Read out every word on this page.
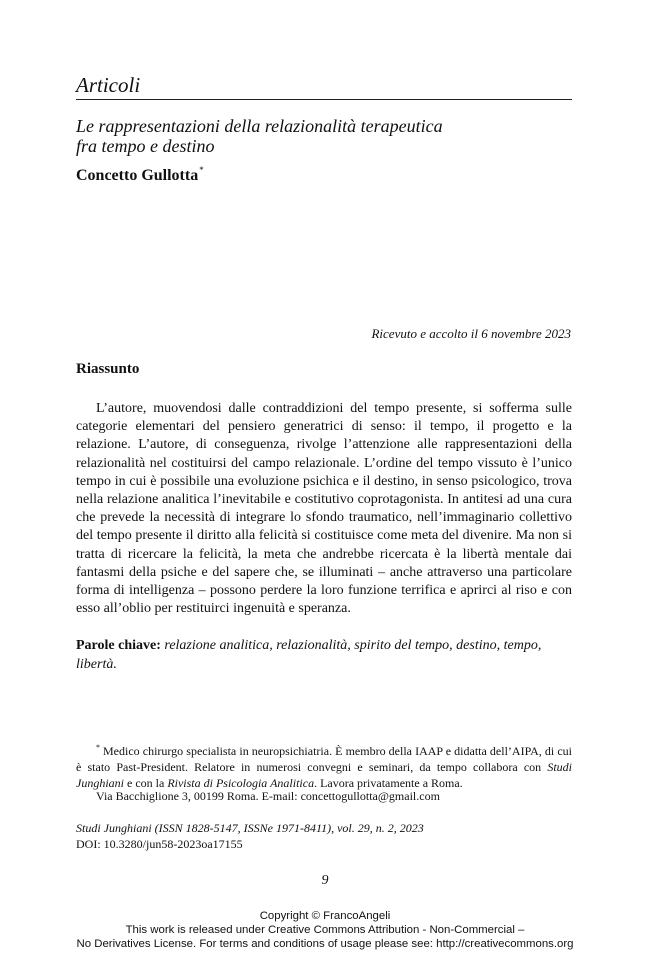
Articoli
Le rappresentazioni della relazionalità terapeutica
fra tempo e destino
Concetto Gullotta*
Ricevuto e accolto il 6 novembre 2023
Riassunto

L’autore, muovendosi dalle contraddizioni del tempo presente, si sofferma sulle categorie elementari del pensiero generatrici di senso: il tempo, il progetto e la relazione. L’autore, di conseguenza, rivolge l’attenzione alle rappresentazioni della relazionalità nel costituirsi del campo relazionale. L’ordine del tempo vissuto è l’unico tempo in cui è possibile una evoluzione psichica e il destino, in senso psicologico, trova nella relazione analitica l’inevitabile e costitutivo coprotagonista. In antitesi ad una cura che prevede la necessità di integrare lo sfondo traumatico, nell’immaginario collettivo del tempo presente il diritto alla felicità si costituisce come meta del divenire. Ma non si tratta di ricercare la felicità, la meta che andrebbe ricercata è la libertà mentale dai fantasmi della psiche e del sapere che, se illuminati – anche attraverso una particolare forma di intelligenza – possono perdere la loro funzione terrifica e aprirci al riso e con esso all’oblio per restituirci ingenuità e speranza.

Parole chiave: relazione analitica, relazionalità, spirito del tempo, destino, tempo, libertà.

* Medico chirurgo specialista in neuropsichiatria. È membro della IAAP e didatta dell’AIPA, di cui è stato Past-President. Relatore in numerosi convegni e seminari, da tempo collabora con Studi Junghiani e con la Rivista di Psicologia Analitica. Lavora privatamente a Roma.

Via Bacchiglione 3, 00199 Roma. E-mail: concettogullotta@gmail.com
Studi Junghiani (ISSN 1828-5147, ISSNe 1971-8411), vol. 29, n. 2, 2023
DOI: 10.3280/jun58-2023oa17155
9
Copyright © FrancoAngeli
This work is released under Creative Commons Attribution - Non-Commercial –
No Derivatives License. For terms and conditions of usage please see: http://creativecommons.org
